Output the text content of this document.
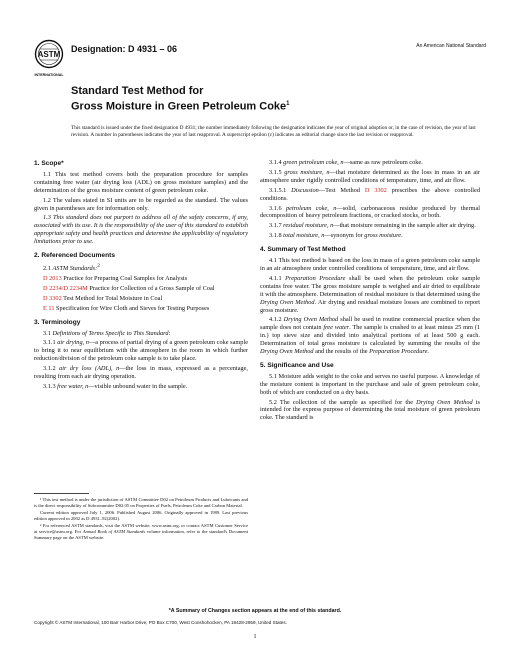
ASTM
INTERNATIONAL
Designation: D 4931 – 06	An American National Standard
Standard Test Method for
Gross Moisture in Green Petroleum Coke$^1$
This standard is issued under the fixed designation D 4931; the number immediately following the designation indicates the year of original adoption or, in the case of revision, the year of last revision. A number in parentheses indicates the year of last reapproval. A superscript epsilon (ε) indicates an editorial change since the last revision or reapproval.
1. Scope*

1.1 This test method covers both the preparation procedure for samples containing free water (air drying loss (ADL) on gross moisture samples) and the determination of the gross moisture content of green petroleum coke.

1.2 The values stated in SI units are to be regarded as the standard. The values given in parentheses are for information only.

1.3 This standard does not purport to address all of the safety concerns, if any, associated with its use. It is the responsibility of the user of this standard to establish appropriate safety and health practices and determine the applicability of regulatory limitations prior to use.

2. Referenced Documents

2.1 ASTM Standards:$^2$

D 2013 Practice for Preparing Coal Samples for Analysis

D 2234/D 2234M Practice for Collection of a Gross Sample of Coal

D 3302 Test Method for Total Moisture in Coal

E 11 Specification for Wire Cloth and Sieves for Testing Purposes

3. Terminology

3.1 Definitions of Terms Specific to This Standard:

3.1.1 air drying, n—a process of partial drying of a green petroleum coke sample to bring it to near equilibrium with the atmosphere in the room in which further reduction/division of the petroleum coke sample is to take place.

3.1.2 air dry loss (ADL), n—the loss in mass, expressed as a percentage, resulting from each air drying operation.

3.1.3 free water, n—visible unbound water in the sample.

¹ This test method is under the jurisdiction of ASTM Committee D02 on Petroleum Products and Lubricants and is the direct responsibility of Subcommittee D02.05 on Properties of Fuels, Petroleum Coke and Carbon Material.

Current edition approved July 1, 2006. Published August 2006. Originally approved in 1989. Last previous edition approved in 2002 as D 4931–92(2002).

² For referenced ASTM standards, visit the ASTM website, www.astm.org, or contact ASTM Customer Service at service@astm.org. For Annual Book of ASTM Standards volume information, refer to the standard's Document Summary page on the ASTM website.

3.1.4 green petroleum coke, n—same as raw petroleum coke.

3.1.5 gross moisture, n—that moisture determined as the loss in mass in an air atmosphere under rigidly controlled conditions of temperature, time, and air flow.

3.1.5.1 Discussion—Test Method D 3302 prescribes the above controlled conditions.

3.1.6 petroleum coke, n—solid, carbonaceous residue produced by thermal decomposition of heavy petroleum fractions, or cracked stocks, or both.

3.1.7 residual moisture, n—that moisture remaining in the sample after air drying.

3.1.8 total moisture, n—synonym for gross moisture.

4. Summary of Test Method

4.1 This test method is based on the loss in mass of a green petroleum coke sample in an air atmosphere under controlled conditions of temperature, time, and air flow.

4.1.1 Preparation Procedure shall be used when the petroleum coke sample contains free water. The gross moisture sample is weighed and air dried to equilibrate it with the atmosphere. Determination of residual moisture is that determined using the Drying Oven Method. Air drying and residual moisture losses are combined to report gross moisture.

4.1.2 Drying Oven Method shall be used in routine commercial practice when the sample does not contain free water. The sample is crushed to at least minus 25 mm (1 in.) top sieve size and divided into analytical portions of at least 500 g each. Determination of total gross moisture is calculated by summing the results of the Drying Oven Method and the results of the Preparation Procedure.

5. Significance and Use

5.1 Moisture adds weight to the coke and serves no useful purpose. A knowledge of the moisture content is important in the purchase and sale of green petroleum coke, both of which are conducted on a dry basis.

5.2 The collection of the sample as specified for the Drying Oven Method is intended for the express purpose of determining the total moisture of green petroleum coke. The standard is

*A Summary of Changes section appears at the end of this standard.
Copyright © ASTM International, 100 Barr Harbor Drive, PO Box C700, West Conshohocken, PA 19428-2959, United States.
1
